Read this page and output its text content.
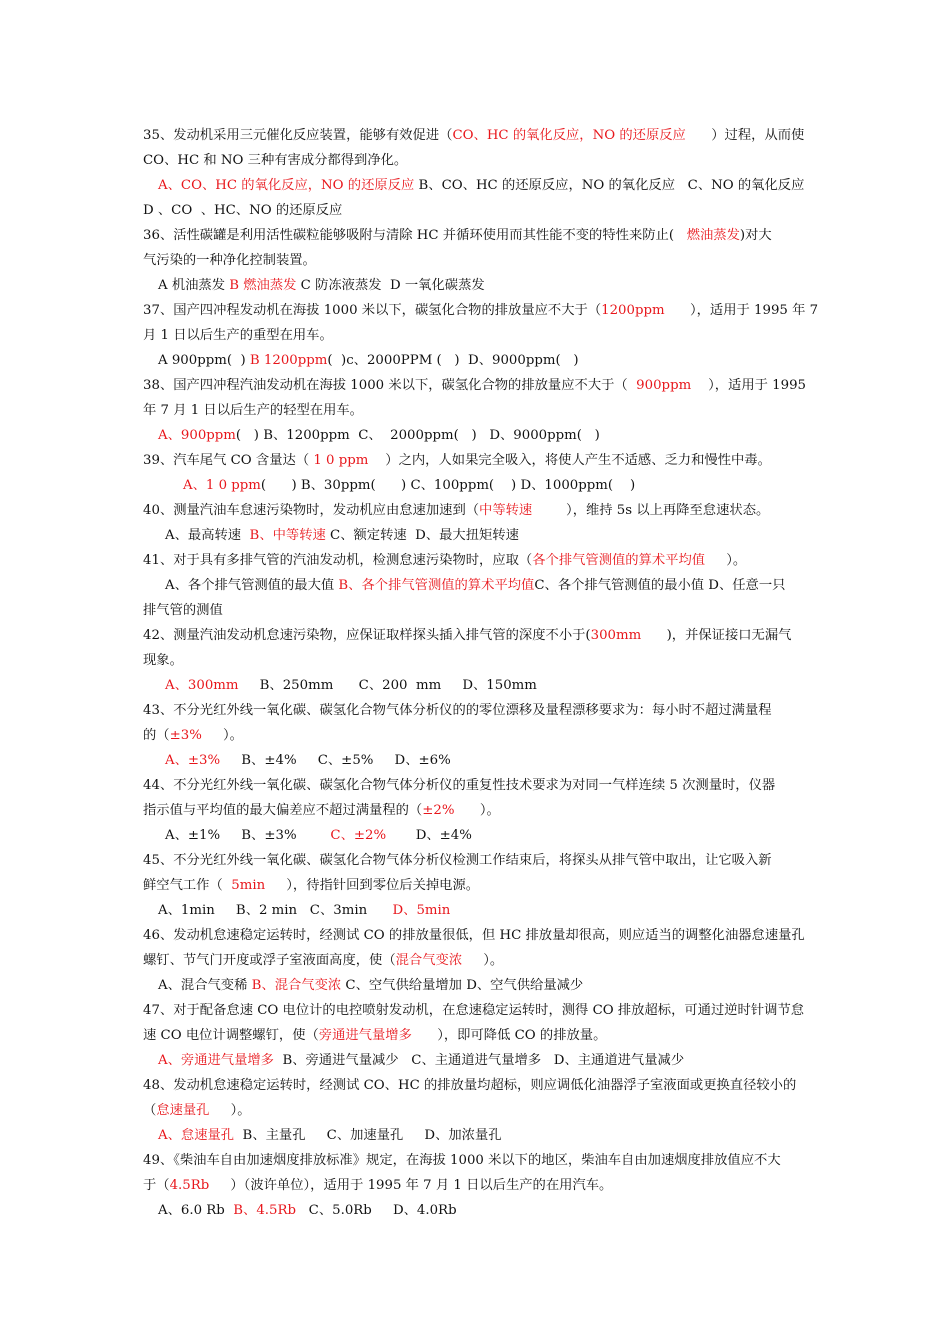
35、发动机采用三元催化反应装置，能够有效促进（CO、HC 的氧化反应，NO 的还原反应      ）过程，从而使
CO、HC 和 NO 三种有害成分都得到净化。
A、CO、HC 的氧化反应，NO 的还原反应 B、CO、HC 的还原反应，NO 的氧化反应   C、NO 的氧化反应
D 、CO  、HC、NO 的还原反应
36、活性碳罐是利用活性碳粒能够吸附与清除 HC 并循环使用而其性能不变的特性来防止(   燃油蒸发)对大
气污染的一种净化控制装置。
A 机油蒸发 B 燃油蒸发 C 防冻液蒸发  D 一氧化碳蒸发
37、国产四冲程发动机在海拔 1000 米以下，碳氢化合物的排放量应不大于（1200ppm      ），适用于 1995 年 7
月 1 日以后生产的重型在用车。
A 900ppm(  ) B 1200ppm(  )c、2000PPM (   )  D、9000ppm(   )
38、国产四冲程汽油发动机在海拔 1000 米以下，碳氢化合物的排放量应不大于（  900ppm    ），适用于 1995
年 7 月 1 日以后生产的轻型在用车。
A、900ppm(   ) B、1200ppm  C、  2000ppm(   )   D、9000ppm(   )
39、汽车尾气 CO 含量达（ 1 0 ppm    ）之内，人如果完全吸入，将使人产生不适感、乏力和慢性中毒。
A、1 0 ppm(      ) B、30ppm(      ) C、100ppm(    ) D、1000ppm(    )
40、测量汽油车怠速污染物时，发动机应由怠速加速到（中等转速        ），维持 5s 以上再降至怠速状态。
A、最高转速  B、中等转速 C、额定转速  D、最大扭矩转速
41、对于具有多排气管的汽油发动机，检测怠速污染物时，应取（各个排气管测值的算术平均值     ）。
A、各个排气管测值的最大值 B、各个排气管测值的算术平均值C、各个排气管测值的最小值 D、任意一只
排气管的测值
42、测量汽油发动机怠速污染物，应保证取样探头插入排气管的深度不小于(300mm      )，并保证接口无漏气
现象。
A、300mm     B、250mm      C、200  mm     D、150mm
43、不分光红外线一氧化碳、碳氢化合物气体分析仪的的零位漂移及量程漂移要求为：每小时不超过满量程
的（±3%     ）。
A、±3%     B、±4%     C、±5%     D、±6%
44、不分光红外线一氧化碳、碳氢化合物气体分析仪的重复性技术要求为对同一气样连续 5 次测量时，仪器
指示值与平均值的最大偏差应不超过满量程的（±2%      ）。
A、±1%     B、±3%        C、±2%       D、±4%
45、不分光红外线一氧化碳、碳氢化合物气体分析仪检测工作结束后，将探头从排气管中取出，让它吸入新
鲜空气工作（  5min     ），待指针回到零位后关掉电源。
A、1min     B、2 min   C、3min      D、5min
46、发动机怠速稳定运转时，经测试 CO 的排放量很低，但 HC 排放量却很高，则应适当的调整化油器怠速量孔
螺钉、节气门开度或浮子室液面高度，使（混合气变浓     ）。
A、混合气变稀 B、混合气变浓 C、空气供给量增加 D、空气供给量减少
47、对于配备怠速 CO 电位计的电控喷射发动机，在怠速稳定运转时，测得 CO 排放超标，可通过逆时针调节怠
速 CO 电位计调整螺钉，使（旁通进气量增多      ），即可降低 CO 的排放量。
A、旁通进气量增多  B、旁通进气量减少   C、主通道进气量增多   D、主通道进气量减少
48、发动机怠速稳定运转时，经测试 CO、HC 的排放量均超标，则应调低化油器浮子室液面或更换直径较小的
（怠速量孔     ）。
A、怠速量孔  B、主量孔     C、加速量孔     D、加浓量孔
49、《柴油车自由加速烟度排放标准》规定，在海拔 1000 米以下的地区，柴油车自由加速烟度排放值应不大
于（4.5Rb     ）（波许单位），适用于 1995 年 7 月 1 日以后生产的在用汽车。
A、6.0 Rb  B、4.5Rb   C、5.0Rb     D、4.0Rb
